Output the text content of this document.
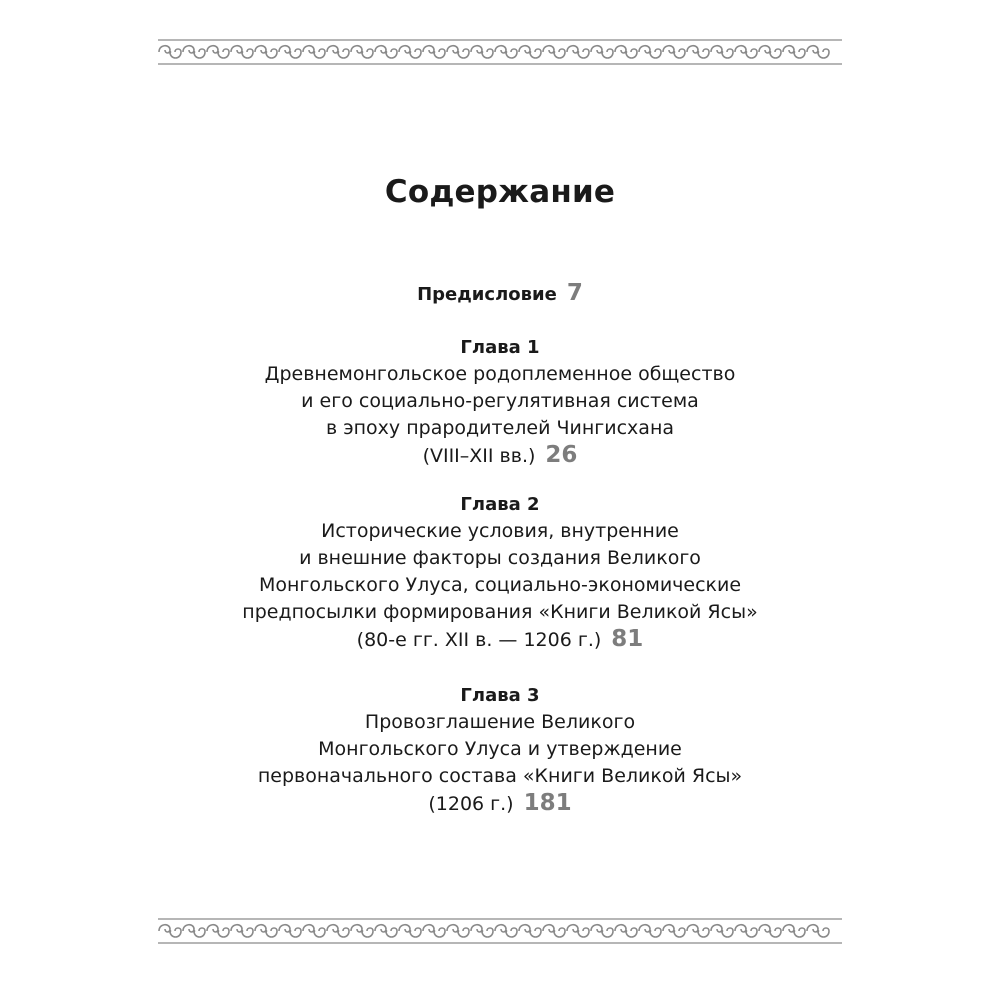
Содержание
Предисловие 7
Глава 1
Древнемонгольское родоплеменное общество
и его социально-регулятивная система
в эпоху прародителей Чингисхана
(VIII–XII вв.) 26
Глава 2
Исторические условия, внутренние
и внешние факторы создания Великого
Монгольского Улуса, социально-экономические
предпосылки формирования «Книги Великой Ясы»
(80-е гг. XII в. — 1206 г.) 81
Глава 3
Провозглашение Великого
Монгольского Улуса и утверждение
первоначального состава «Книги Великой Ясы»
(1206 г.) 181
